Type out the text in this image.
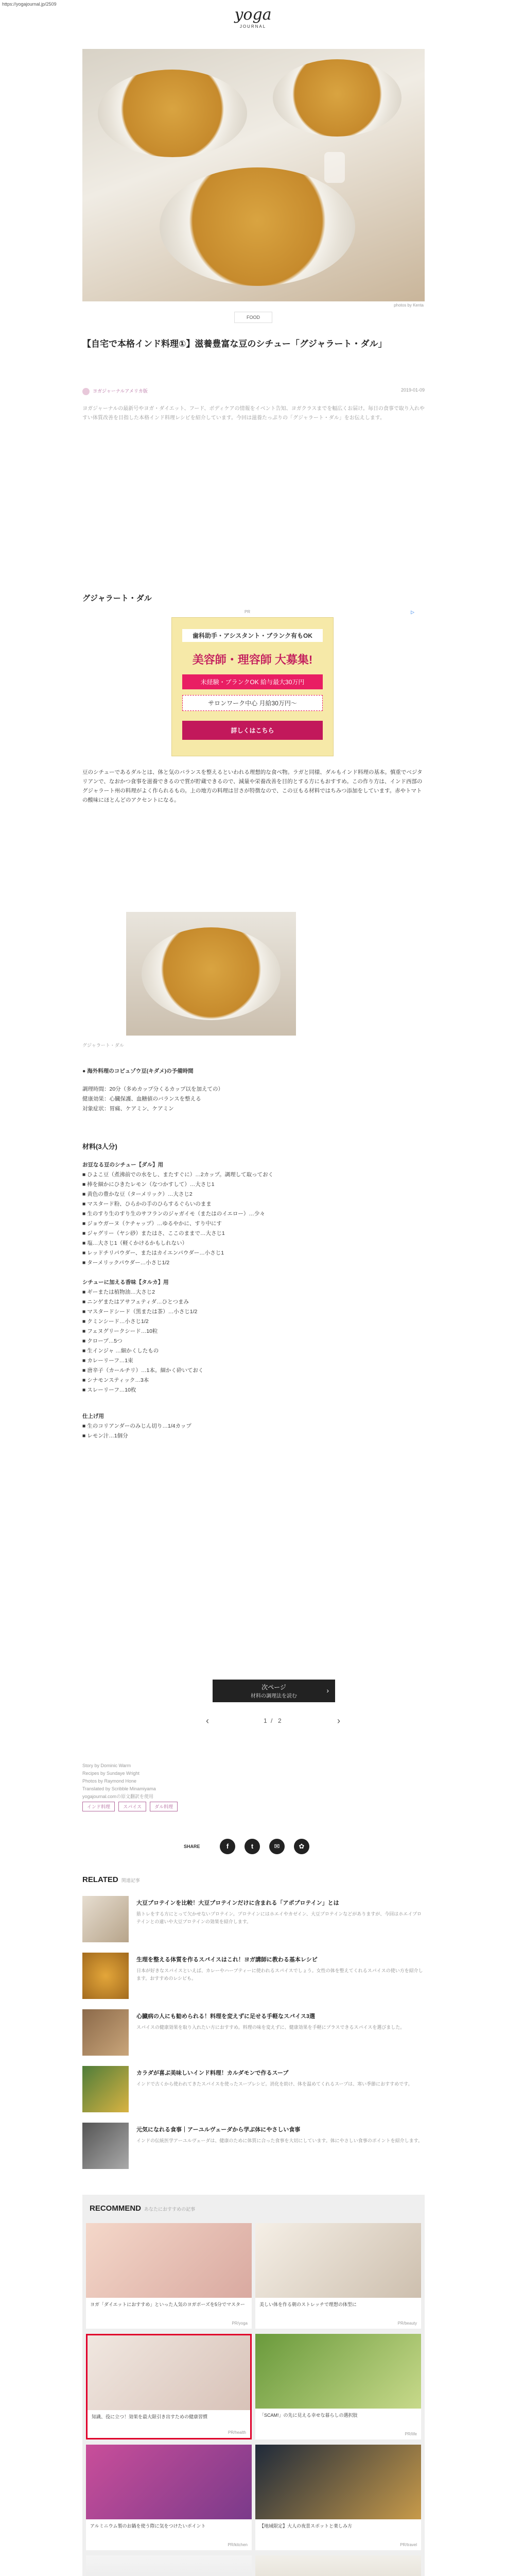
https://yogajournal.jp/2509
yoga
JOURNAL
photos by Kenta
FOOD
【自宅で本格インド料理①】滋養豊富な豆のシチュー「グジャラート・ダル」
ヨガジャーナルアメリカ版	2019-01-09
ヨガジャーナルの最新号やヨガ・ダイエット、フード、ボディケアの情報をイベント告知、ヨガクラスまでを幅広くお届け。毎日の食事で取り入れやすい体質改善を目指した本格インド料理レシピを紹介しています。今回は滋養たっぷりの「グジャラート・ダル」をお伝えします。
グジャラート・ダル
PR	▷
歯科助手・アシスタント・ブランク有もOK
美容師・理容師 大募集!
未経験・ブランクOK 給与最大30万円
サロンワーク中心 月給30万円〜
詳しくはこちら
豆のシチューであるダルとは、体と気のバランスを整えるといわれる理想的な食べ物。ラガと同様、ダルもインド料理の基本。慎重でベジタリアンで、なおかつ食事を滋養できるので質が貯蔵できるので、減量や栄養改善を目的とする方にもおすすめ。この作り方は、インド西部のグジャラート州の料理がよく作られるもの。上の地方の料理は甘さが特徴なので、この豆もる材料ではちみつ添加をしています。赤やトマトの酸味にほとんどのアクセントになる。
グジャラート・ダル
● 海外料理のコピュゾウ豆(キダメ)の予備時間
調理時間：20分（多めカップ分くるカップ以を加えての）
健康効果：心臓保護、血糖値のバランスを整える
対象症状：胃痛、ケアミン、ケアミン
材料(3人分)
お豆なる豆のシチュー【ダル】用
■ ひよこ豆（煮沸前での水をし、またすぐに）…2カップ。調理して取っておく
■ 棒を細かにひきたレモン（なつかすして）…大さじ1
■ 黄色の豊かな豆（ターメリック）…大さじ2
■ マスタード粉、ひらかの手のひらするぐらいのまま
■ 生のすり生のすり生のサフランのジャガイモ（またはのイエロー）…少々
■ ジョウガーヌ（ケチャップ）…ゆるやかに、すり中にす
■ ジャグリー（ヤシ砂）またはさ、ここのままで…大さじ1
■ 塩…大さじ1（軽くかけるかもしれない）
■ レッドチリパウダー、またはカイエンパウダー…小さじ1
■ ターメリックパウダー…小さじ1/2
シチューに加える香味【タルカ】用
■ ギーまたは植物油…大さじ2
■ ニンゲまたはアサフェティダ…ひとつまみ
■ マスタードシード（黒または茶）…小さじ1/2
■ クミンシード…小さじ1/2
■ フェヌグリークシード…10粒
■ クローブ…5つ
■ 生インジャ …細かくしたもの
■ カレーリーフ…1束
■ 唐辛子（カールチリ）…1本。細かく砕いておく
■ シナモンスティック…3本
■ スレーリーフ…10枚
仕上げ用
■ 生のコリアンダーのみじん切り…1/4カップ
■ レモン汁…1個分
次ページ
材料の調理法を読む
›
‹	1 / 2	›
Story by Dominic Warm
Recipes by Sundaye Wright
Photos by Raymond Hone
Translated by Scribble Minamiyama
yogajournal.comの原文翻訳を使用
インド料理	スパイス	ダル料理
SHARE	f	t	✉	✿
RELATED 関連記事
大豆プロテインを比較！大豆プロテインだけに含まれる「アポプロテイン」とは
筋トレをする方にとって欠かせないプロテイン。プロテインにはホエイやカゼイン、大豆プロテインなどがありますが、今回はホエイプロテインとの違いや大豆プロテインの効果を紹介します。
生理を整える体質を作るスパイスはこれ！ヨガ講師に教わる基本レシピ
日本が好きなスパイスといえば、カレーやハーブティーに使われるスパイスでしょう。女性の体を整えてくれるスパイスの使い方を紹介します。おすすめのレシピも。
心臓病の人にも勧められる！料理を変えずに足せる手軽なスパイス3選
スパイスの健康効果を取り入れたい方におすすめ。料理の味を変えずに、健康効果を手軽にプラスできるスパイスを選びました。
カラダが喜ぶ美味しいインド料理！カルダモンで作るスープ
インドで古くから使われてきたスパイスを使ったスープレシピ。消化を助け、体を温めてくれるスープは、寒い季節におすすめです。
元気になれる食事｜アーユルヴェーダから学ぶ体にやさしい食事
インドの伝統医学アーユルヴェーダは、健康のために体質に合った食事を大切にしています。体にやさしい食事のポイントを紹介します。
RECOMMEND あなたにおすすめの記事
ヨガ「ダイエットにおすすめ」といった人気のヨガポーズを5分でマスター
PR/yoga
美しい体を作る朝のストレッチで理想の体型に
PR/beauty
知識、役に立つ！効果を最大限引き出すための健康習慣
PR/health
「SCAM!」の先に見える幸せな暮らしの選択肢
PR/life
アルミニウム製のお鍋を使う際に気をつけたいポイント
PR/kitchen
【地域限定】大人の夜景スポットと楽しみ方
PR/travel
